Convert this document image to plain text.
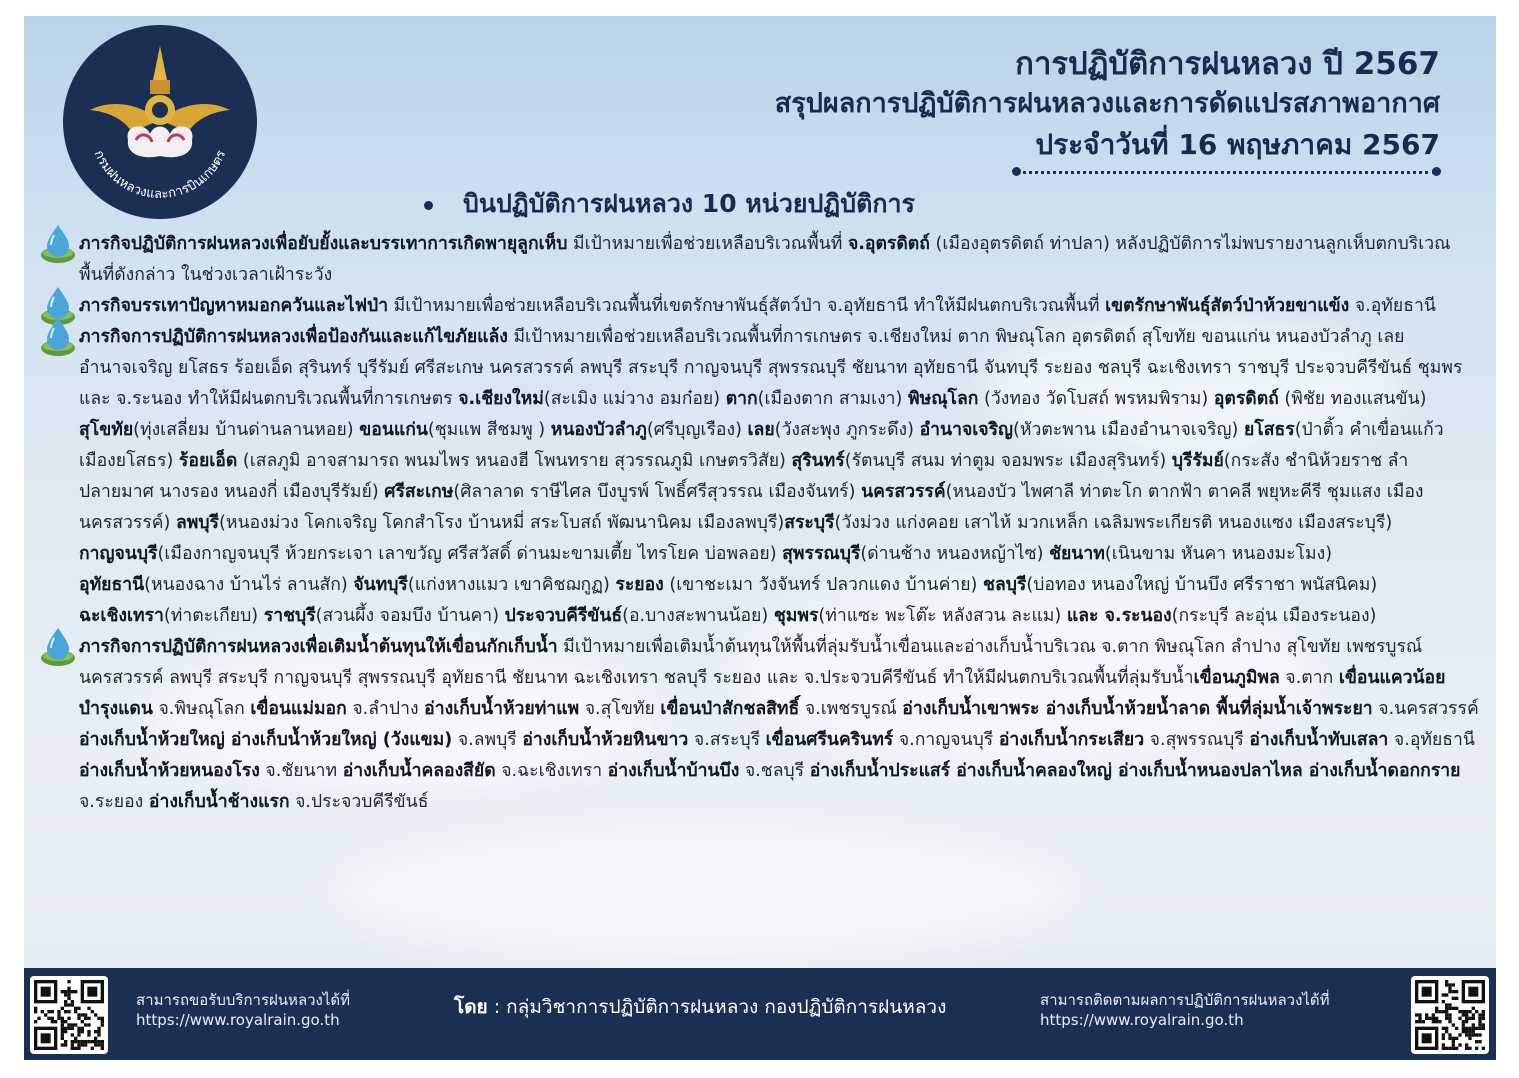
กรมฝนหลวงและการบินเกษตร
การปฏิบัติการฝนหลวง ปี 2567
สรุปผลการปฏิบัติการฝนหลวงและการดัดแปรสภาพอากาศ
ประจำวันที่ 16 พฤษภาคม 2567
บินปฏิบัติการฝนหลวง 10 หน่วยปฏิบัติการ

ภารกิจปฏิบัติการฝนหลวงเพื่อยับยั้งและบรรเทาการเกิดพายุลูกเห็บ มีเป้าหมายเพื่อช่วยเหลือบริเวณพื้นที่ จ.อุตรดิตถ์ (เมืองอุตรดิตถ์ ท่าปลา) หลังปฏิบัติการไม่พบรายงานลูกเห็บตกบริเวณพื้นที่ดังกล่าว ในช่วงเวลาเฝ้าระวัง

ภารกิจบรรเทาปัญหาหมอกควันและไฟป่า มีเป้าหมายเพื่อช่วยเหลือบริเวณพื้นที่เขตรักษาพันธุ์สัตว์ป่า จ.อุทัยธานี ทำให้มีฝนตกบริเวณพื้นที่ เขตรักษาพันธุ์สัตว์ป่าห้วยขาแข้ง จ.อุทัยธานี

ภารกิจการปฏิบัติการฝนหลวงเพื่อป้องกันและแก้ไขภัยแล้ง มีเป้าหมายเพื่อช่วยเหลือบริเวณพื้นที่การเกษตร จ.เชียงใหม่ ตาก พิษณุโลก อุตรดิตถ์ สุโขทัย ขอนแก่น หนองบัวลำภู เลย อำนาจเจริญ ยโสธร ร้อยเอ็ด สุรินทร์ บุรีรัมย์ ศรีสะเกษ นครสวรรค์ ลพบุรี สระบุรี กาญจนบุรี สุพรรณบุรี ชัยนาท อุทัยธานี จันทบุรี ระยอง ชลบุรี ฉะเชิงเทรา ราชบุรี ประจวบคีรีขันธ์ ชุมพร และ จ.ระนอง ทำให้มีฝนตกบริเวณพื้นที่การเกษตร จ.เชียงใหม่(สะเมิง แม่วาง อมก๋อย) ตาก(เมืองตาก สามเงา) พิษณุโลก (วังทอง วัดโบสถ์ พรหมพิราม) อุตรดิตถ์ (พิชัย ทองแสนขัน) สุโขทัย(ทุ่งเสลี่ยม บ้านด่านลานหอย) ขอนแก่น(ชุมแพ สีชมพู ) หนองบัวลำภู(ศรีบุญเรือง) เลย(วังสะพุง ภูกระดึง) อำนาจเจริญ(หัวตะพาน เมืองอำนาจเจริญ) ยโสธร(ป่าติ้ว คำเขื่อนแก้ว เมืองยโสธร) ร้อยเอ็ด (เสลภูมิ อาจสามารถ พนมไพร หนองฮี โพนทราย สุวรรณภูมิ เกษตรวิสัย) สุรินทร์(รัตนบุรี สนม ท่าตูม จอมพระ เมืองสุรินทร์) บุรีรัมย์(กระสัง ชำนิห้วยราช ลำปลายมาศ นางรอง หนองกี่ เมืองบุรีรัมย์) ศรีสะเกษ(ศิลาลาด ราษีไศล บึงบูรพ์ โพธิ์ศรีสุวรรณ เมืองจันทร์) นครสวรรค์(หนองบัว ไพศาลี ท่าตะโก ตากฟ้า ตาคลี พยุหะคีรี ชุมแสง เมืองนครสวรรค์) ลพบุรี(หนองม่วง โคกเจริญ โคกสำโรง บ้านหมี่ สระโบสถ์ พัฒนานิคม เมืองลพบุรี)สระบุรี(วังม่วง แก่งคอย เสาไห้ มวกเหล็ก เฉลิมพระเกียรติ หนองแซง เมืองสระบุรี) กาญจนบุรี(เมืองกาญจนบุรี ห้วยกระเจา เลาขวัญ ศรีสวัสดิ์ ด่านมะขามเตี้ย ไทรโยค บ่อพลอย) สุพรรณบุรี(ด่านช้าง หนองหญ้าไซ) ชัยนาท(เนินขาม หันคา หนองมะโมง) อุทัยธานี(หนองฉาง บ้านไร่ ลานสัก) จันทบุรี(แก่งหางแมว เขาคิชฌกูฏ) ระยอง (เขาชะเมา วังจันทร์ ปลวกแดง บ้านค่าย) ชลบุรี(บ่อทอง หนองใหญ่ บ้านบึง ศรีราชา พนัสนิคม) ฉะเชิงเทรา(ท่าตะเกียบ) ราชบุรี(สวนผึ้ง จอมบึง บ้านคา) ประจวบคีรีขันธ์(อ.บางสะพานน้อย) ชุมพร(ท่าแซะ พะโต๊ะ หลังสวน ละแม) และ จ.ระนอง(กระบุรี ละอุ่น เมืองระนอง)

ภารกิจการปฏิบัติการฝนหลวงเพื่อเติมน้ำต้นทุนให้เขื่อนกักเก็บน้ำ มีเป้าหมายเพื่อเติมน้ำต้นทุนให้พื้นที่ลุ่มรับน้ำเขื่อนและอ่างเก็บน้ำบริเวณ จ.ตาก พิษณุโลก ลำปาง สุโขทัย เพชรบูรณ์ นครสวรรค์ ลพบุรี สระบุรี กาญจนบุรี สุพรรณบุรี อุทัยธานี ชัยนาท ฉะเชิงเทรา ชลบุรี ระยอง และ จ.ประจวบคีรีขันธ์ ทำให้มีฝนตกบริเวณพื้นที่ลุ่มรับน้ำเขื่อนภูมิพล จ.ตาก เขื่อนแควน้อยบำรุงแดน จ.พิษณุโลก เขื่อนแม่มอก จ.ลำปาง อ่างเก็บน้ำห้วยท่าแพ จ.สุโขทัย เขื่อนป่าสักชลสิทธิ์ จ.เพชรบูรณ์ อ่างเก็บน้ำเขาพระ อ่างเก็บน้ำห้วยน้ำลาด พื้นที่ลุ่มน้ำเจ้าพระยา จ.นครสวรรค์ อ่างเก็บน้ำห้วยใหญ่ อ่างเก็บน้ำห้วยใหญ่ (วังแขม) จ.ลพบุรี อ่างเก็บน้ำห้วยหินขาว จ.สระบุรี เขื่อนศรีนครินทร์ จ.กาญจนบุรี อ่างเก็บน้ำกระเสียว จ.สุพรรณบุรี อ่างเก็บน้ำทับเสลา จ.อุทัยธานี อ่างเก็บน้ำห้วยหนองโรง จ.ชัยนาท อ่างเก็บน้ำคลองสียัด จ.ฉะเชิงเทรา อ่างเก็บน้ำบ้านบึง จ.ชลบุรี อ่างเก็บน้ำประแสร์ อ่างเก็บน้ำคลองใหญ่ อ่างเก็บน้ำหนองปลาไหล อ่างเก็บน้ำดอกกราย จ.ระยอง อ่างเก็บน้ำช้างแรก จ.ประจวบคีรีขันธ์

สามารถขอรับบริการฝนหลวงได้ที่
https://www.royalrain.go.th
โดย : กลุ่มวิชาการปฏิบัติการฝนหลวง กองปฏิบัติการฝนหลวง	สามารถติดตามผลการปฏิบัติการฝนหลวงได้ที่
https://www.royalrain.go.th
